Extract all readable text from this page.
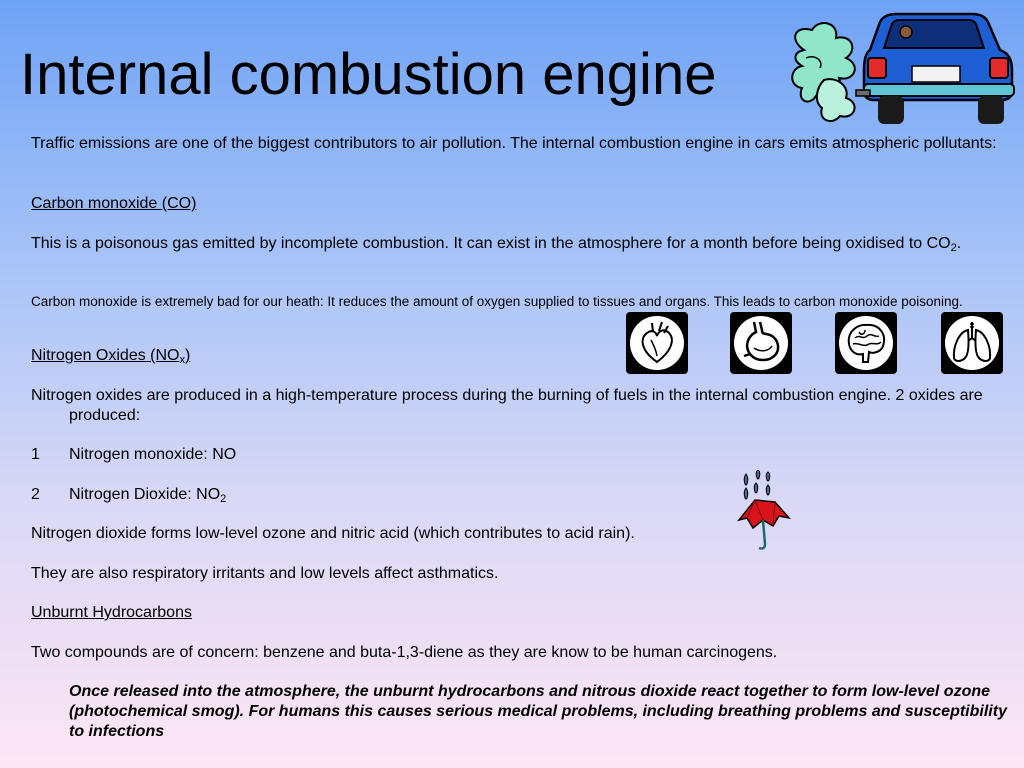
Internal combustion engine

Traffic emissions are one of the biggest contributors to air pollution. The internal combustion engine in cars emits atmospheric pollutants:

Carbon monoxide (CO)

This is a poisonous gas emitted by incomplete combustion. It can exist in the atmosphere for a month before being oxidised to $CO_2$.

Carbon monoxide is extremely bad for our heath: It reduces the amount of oxygen supplied to tissues and organs. This leads to carbon monoxide poisoning.

Nitrogen Oxides $(NO_x)$

Nitrogen oxides are produced in a high-temperature process during the burning of fuels in the internal combustion engine. 2 oxides are produced:

1 Nitrogen monoxide: NO

2 Nitrogen Dioxide: $NO_2$

Nitrogen dioxide forms low-level ozone and nitric acid (which contributes to acid rain).

They are also respiratory irritants and low levels affect asthmatics.

Unburnt Hydrocarbons

Two compounds are of concern: benzene and buta-1,3-diene as they are know to be human carcinogens.

Once released into the atmosphere, the unburnt hydrocarbons and nitrous dioxide react together to form low-level ozone (photochemical smog). For humans this causes serious medical problems, including breathing problems and susceptibility to infections
